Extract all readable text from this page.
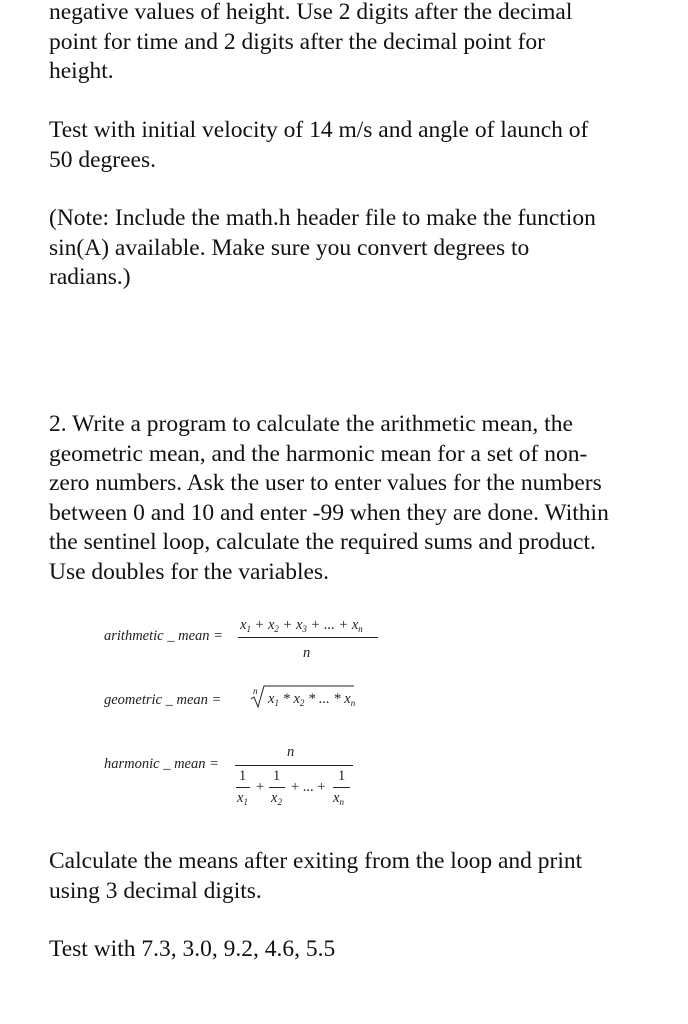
negative values of height. Use 2 digits after the decimal
point for time and 2 digits after the decimal point for
height.

Test with initial velocity of 14 m/s and angle of launch of
50 degrees.

(Note: Include the math.h header file to make the function
sin(A) available. Make sure you convert degrees to
radians.)

2. Write a program to calculate the arithmetic mean, the
geometric mean, and the harmonic mean for a set of non-
zero numbers. Ask the user to enter values for the numbers
between 0 and 10 and enter -99 when they are done. Within
the sentinel loop, calculate the required sums and product.
Use doubles for the variables.

arithmetic _ mean =
$x_1 + x_2 + x_3$ + ... + $x_n$
n
geometric _ mean =
n $x_1 * x_2$ * ... * $x_n$
harmonic _ mean =
n
1
$x_1$
+
1
$x_2$
+ ... +
1
$x_n$

Calculate the means after exiting from the loop and print
using 3 decimal digits.

Test with 7.3, 3.0, 9.2, 4.6, 5.5
